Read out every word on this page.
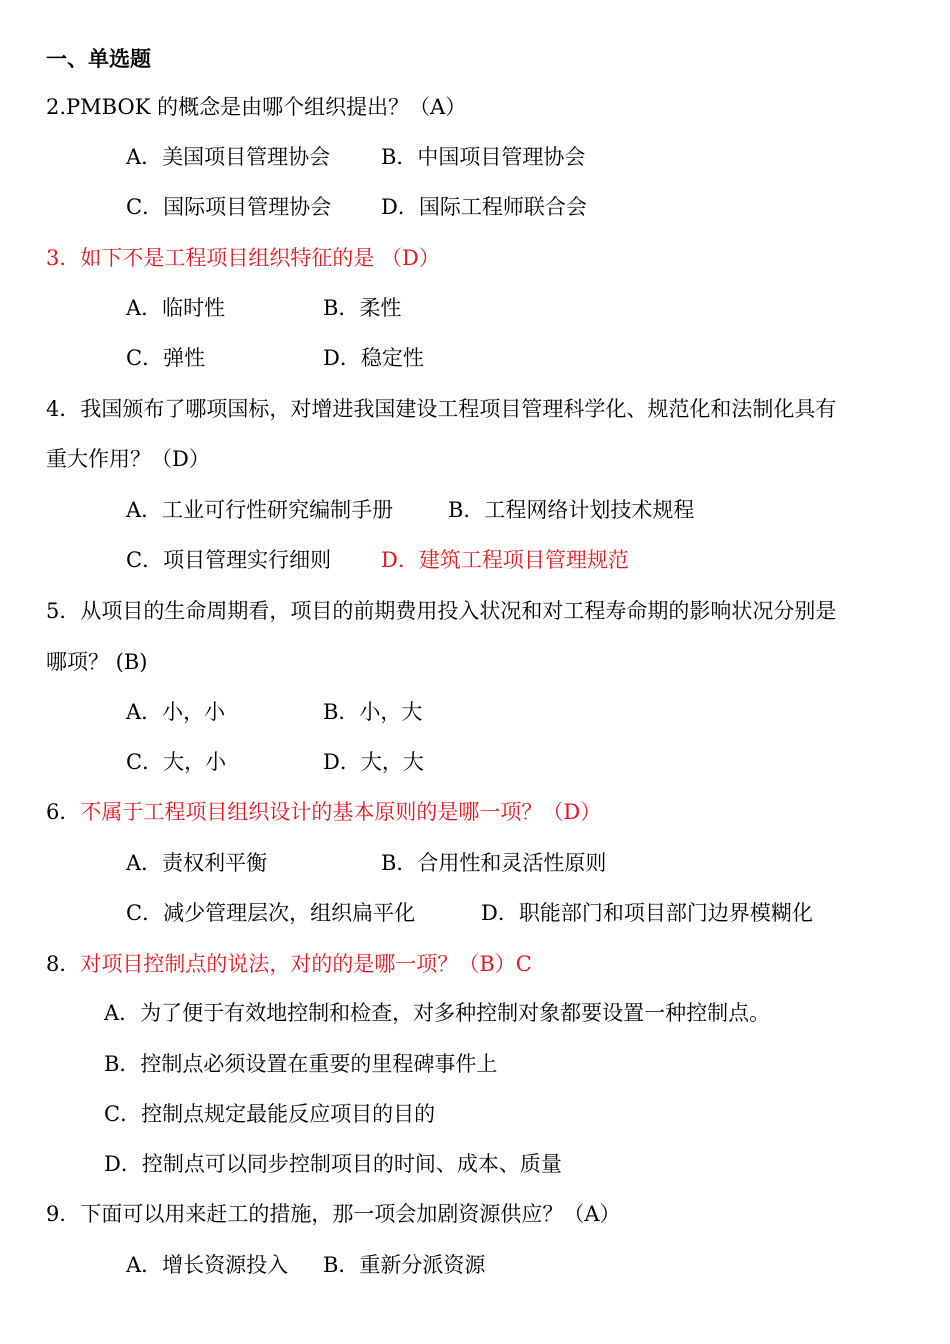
一、单选题
2.PMBOK 的概念是由哪个组织提出？（A）
A．美国项目管理协会 B．中国项目管理协会
C．国际项目管理协会 D．国际工程师联合会
3．如下不是工程项目组织特征的是 （D）
A．临时性	B．柔性
C．弹性	D．稳定性
4．我国颁布了哪项国标，对增进我国建设工程项目管理科学化、规范化和法制化具有
重大作用？（D）
A．工业可行性研究编制手册	B．工程网络计划技术规程
C．项目管理实行细则 D．建筑工程项目管理规范
5．从项目的生命周期看，项目的前期费用投入状况和对工程寿命期的影响状况分别是
哪项？ (B)
A．小，小	B．小，大
C．大，小	D．大，大
6．不属于工程项目组织设计的基本原则的是哪一项？（D）
A．责权利平衡	B．合用性和灵活性原则
C．减少管理层次，组织扁平化	D．职能部门和项目部门边界模糊化
8．对项目控制点的说法，对的的是哪一项？（B）C
A．为了便于有效地控制和检查，对多种控制对象都要设置一种控制点。
B．控制点必须设置在重要的里程碑事件上
C．控制点规定最能反应项目的目的
D．控制点可以同步控制项目的时间、成本、质量
9．下面可以用来赶工的措施，那一项会加剧资源供应？（A）
A．增长资源投入 B．重新分派资源
